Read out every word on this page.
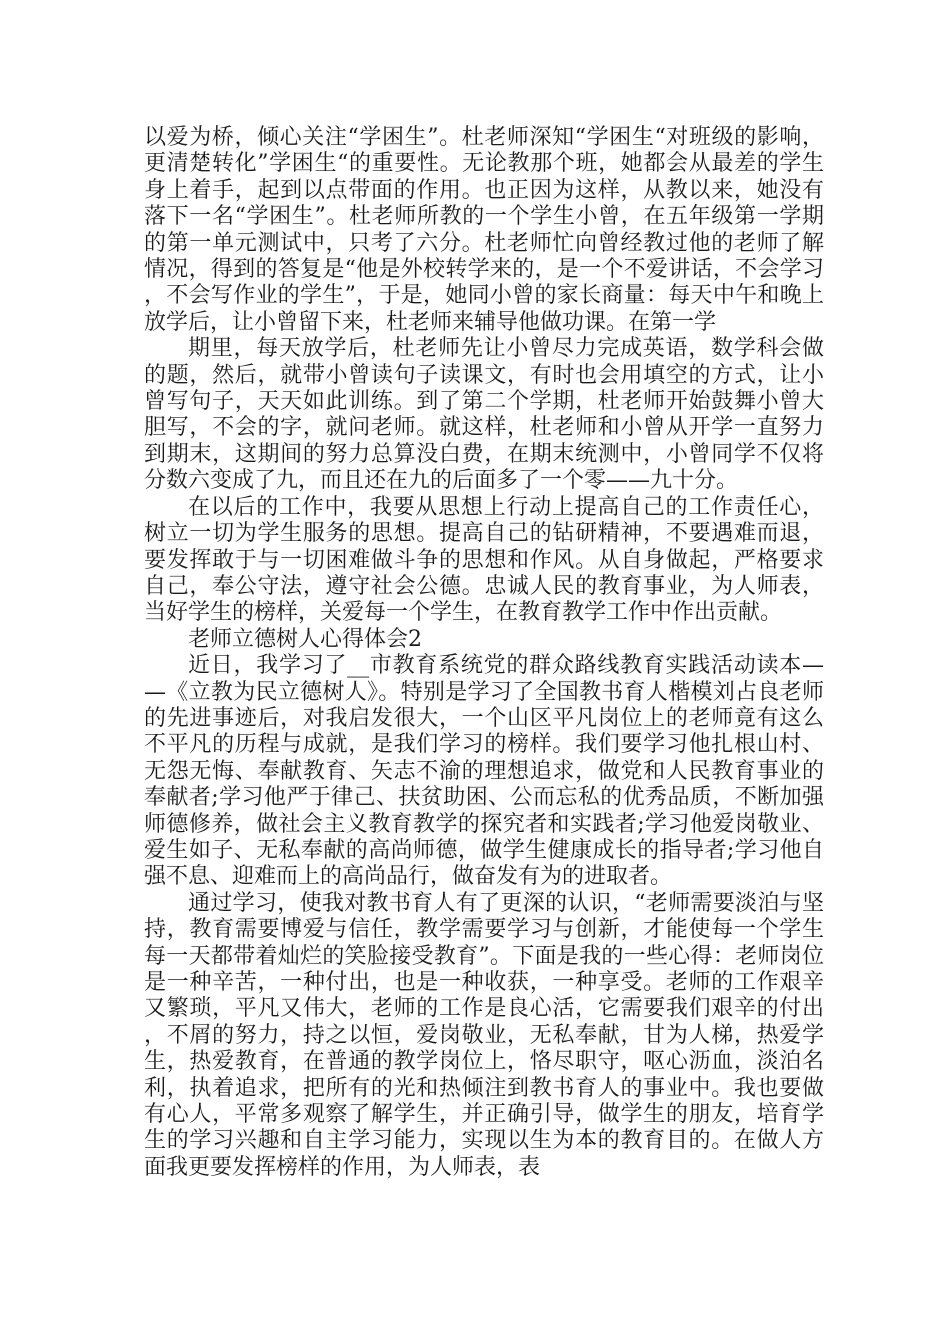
以爱为桥，倾心关注“学困生”。杜老师深知“学困生“对班级的影响，更清楚转化”学困生“的重要性。无论教那个班，她都会从最差的学生身上着手，起到以点带面的作用。也正因为这样，从教以来，她没有落下一名“学困生”。杜老师所教的一个学生小曾，在五年级第一学期的第一单元测试中，只考了六分。杜老师忙向曾经教过他的老师了解情况，得到的答复是“他是外校转学来的，是一个不爱讲话，不会学习，不会写作业的学生”，于是，她同小曾的家长商量：每天中午和晚上放学后，让小曾留下来，杜老师来辅导他做功课。在第一学

期里，每天放学后，杜老师先让小曾尽力完成英语，数学科会做的题，然后，就带小曾读句子读课文，有时也会用填空的方式，让小曾写句子，天天如此训练。到了第二个学期，杜老师开始鼓舞小曾大胆写，不会的字，就问老师。就这样，杜老师和小曾从开学一直努力到期末，这期间的努力总算没白费，在期末统测中，小曾同学不仅将分数六变成了九，而且还在九的后面多了一个零——九十分。

在以后的工作中，我要从思想上行动上提高自己的工作责任心，树立一切为学生服务的思想。提高自己的钻研精神，不要遇难而退，要发挥敢于与一切困难做斗争的思想和作风。从自身做起，严格要求自己，奉公守法，遵守社会公德。忠诚人民的教育事业，为人师表，当好学生的榜样，关爱每一个学生，在教育教学工作中作出贡献。

老师立德树人心得体会2

近日，我学习了__市教育系统党的群众路线教育实践活动读本——《立教为民立德树人》。特别是学习了全国教书育人楷模刘占良老师的先进事迹后，对我启发很大，一个山区平凡岗位上的老师竟有这么不平凡的历程与成就，是我们学习的榜样。我们要学习他扎根山村、无怨无悔、奉献教育、矢志不渝的理想追求，做党和人民教育事业的奉献者;学习他严于律己、扶贫助困、公而忘私的优秀品质，不断加强师德修养，做社会主义教育教学的探究者和实践者;学习他爱岗敬业、爱生如子、无私奉献的高尚师德，做学生健康成长的指导者;学习他自强不息、迎难而上的高尚品行，做奋发有为的进取者。

通过学习，使我对教书育人有了更深的认识，“老师需要淡泊与坚持，教育需要博爱与信任，教学需要学习与创新，才能使每一个学生每一天都带着灿烂的笑脸接受教育”。下面是我的一些心得：老师岗位是一种辛苦，一种付出，也是一种收获，一种享受。老师的工作艰辛又繁琐，平凡又伟大，老师的工作是良心活，它需要我们艰辛的付出，不屑的努力，持之以恒，爱岗敬业，无私奉献，甘为人梯，热爱学生，热爱教育，在普通的教学岗位上，恪尽职守，呕心沥血，淡泊名利，执着追求，把所有的光和热倾注到教书育人的事业中。我也要做有心人，平常多观察了解学生，并正确引导，做学生的朋友，培育学生的学习兴趣和自主学习能力，实现以生为本的教育目的。在做人方面我更要发挥榜样的作用，为人师表，表
